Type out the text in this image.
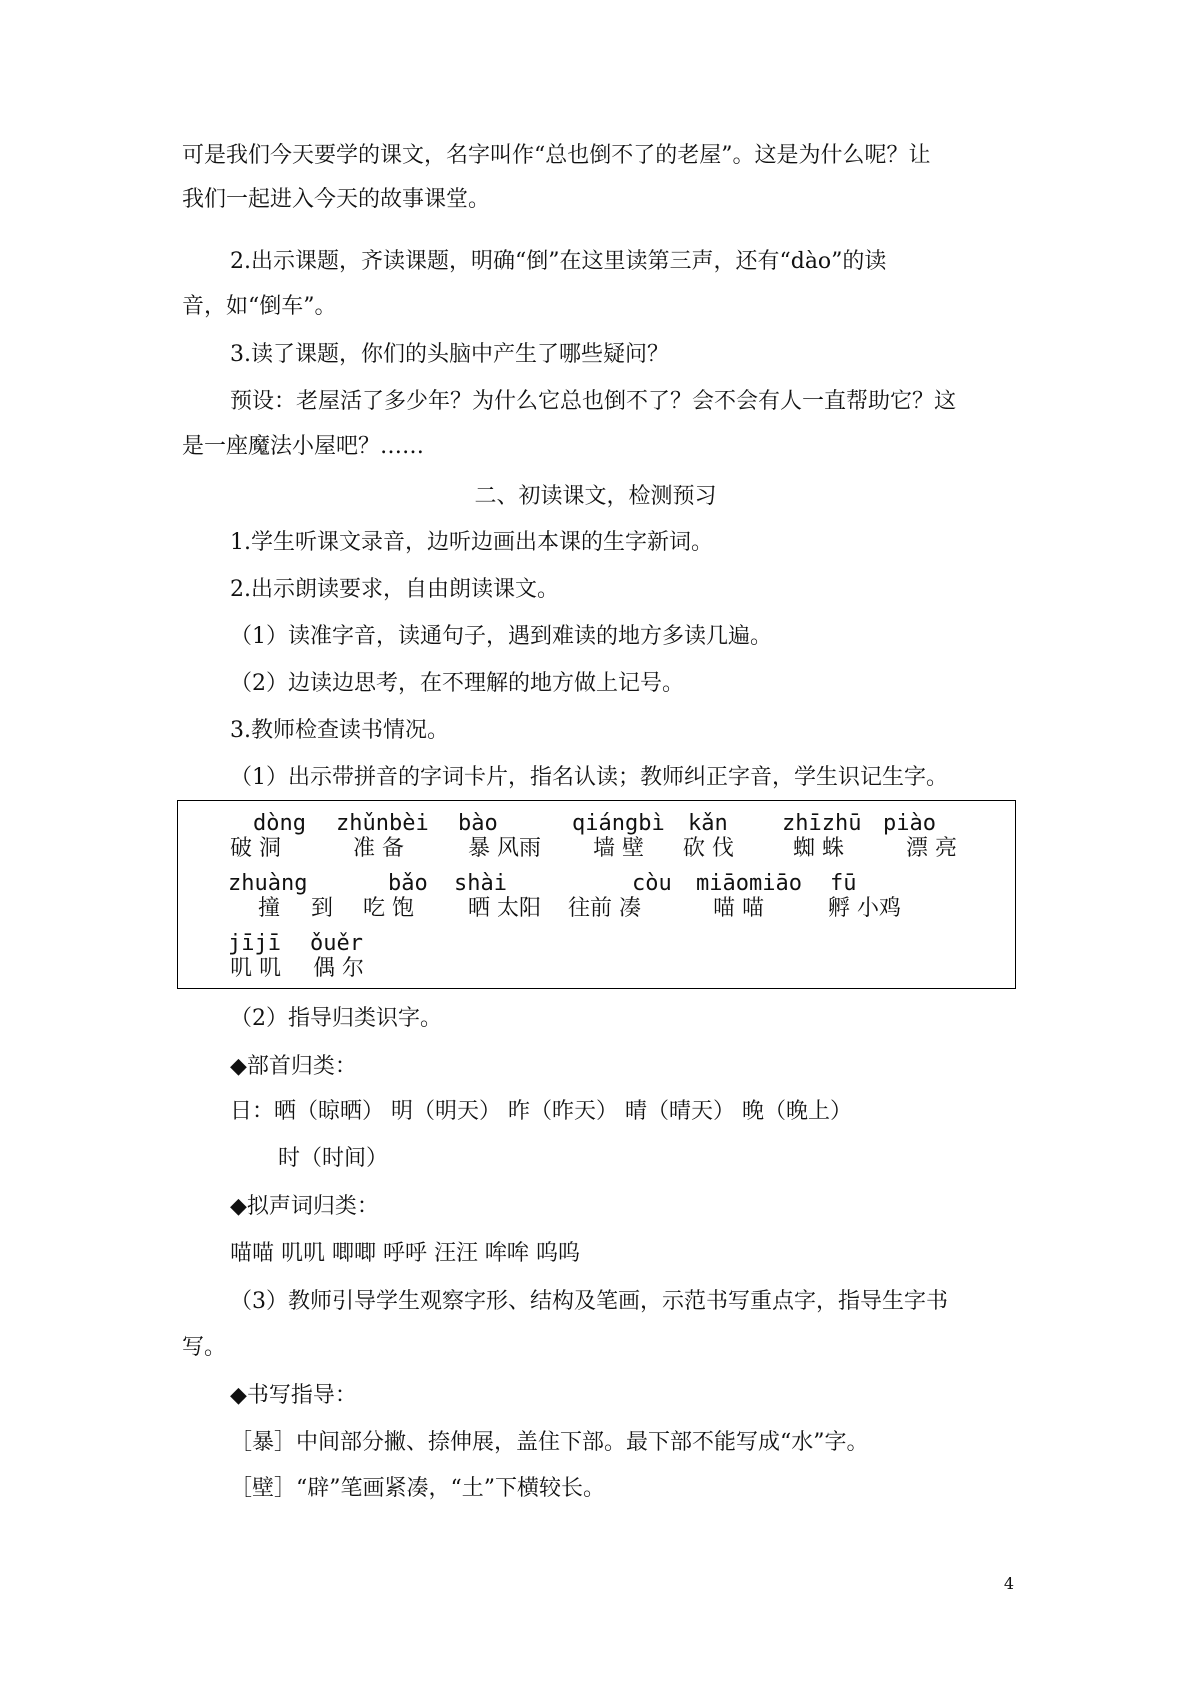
可是我们今天要学的课文，名字叫作“总也倒不了的老屋”。这是为什么呢？让
我们一起进入今天的故事课堂。
2.出示课题，齐读课题，明确“倒”在这里读第三声，还有“dào”的读
音，如“倒车”。
3.读了课题，你们的头脑中产生了哪些疑问？
预设：老屋活了多少年？为什么它总也倒不了？会不会有人一直帮助它？这
是一座魔法小屋吧？……
二、初读课文，检测预习
1.学生听课文录音，边听边画出本课的生字新词。
2.出示朗读要求，自由朗读课文。
（1）读准字音，读通句子，遇到难读的地方多读几遍。
（2）边读边思考，在不理解的地方做上记号。
3.教师检查读书情况。
（1）出示带拼音的字词卡片，指名认读；教师纠正字音，学生识记生字。
dòng zhǔnbèi bào	qiángbì kǎn zhīzhū piào
破 洞	准 备	暴 风雨 墙 壁 砍 伐	蜘 蛛	漂 亮
zhuàng	bǎo shài	còu miāomiāo fū
撞 到 吃 饱 晒 太阳 往前 凑	喵 喵	孵 小鸡
jījī ǒuěr
叽 叽 偶 尔
（2）指导归类识字。
◆部首归类：
日：晒（晾晒） 明（明天） 昨（昨天） 晴（晴天） 晚（晚上）
时（时间）
◆拟声词归类：
喵喵 叽叽 唧唧 呼呼 汪汪 哞哞 呜呜
（3）教师引导学生观察字形、结构及笔画，示范书写重点字，指导生字书
写。
◆书写指导：
［暴］中间部分撇、捺伸展，盖住下部。最下部不能写成“水”字。
［壁］“辟”笔画紧凑，“土”下横较长。
4
